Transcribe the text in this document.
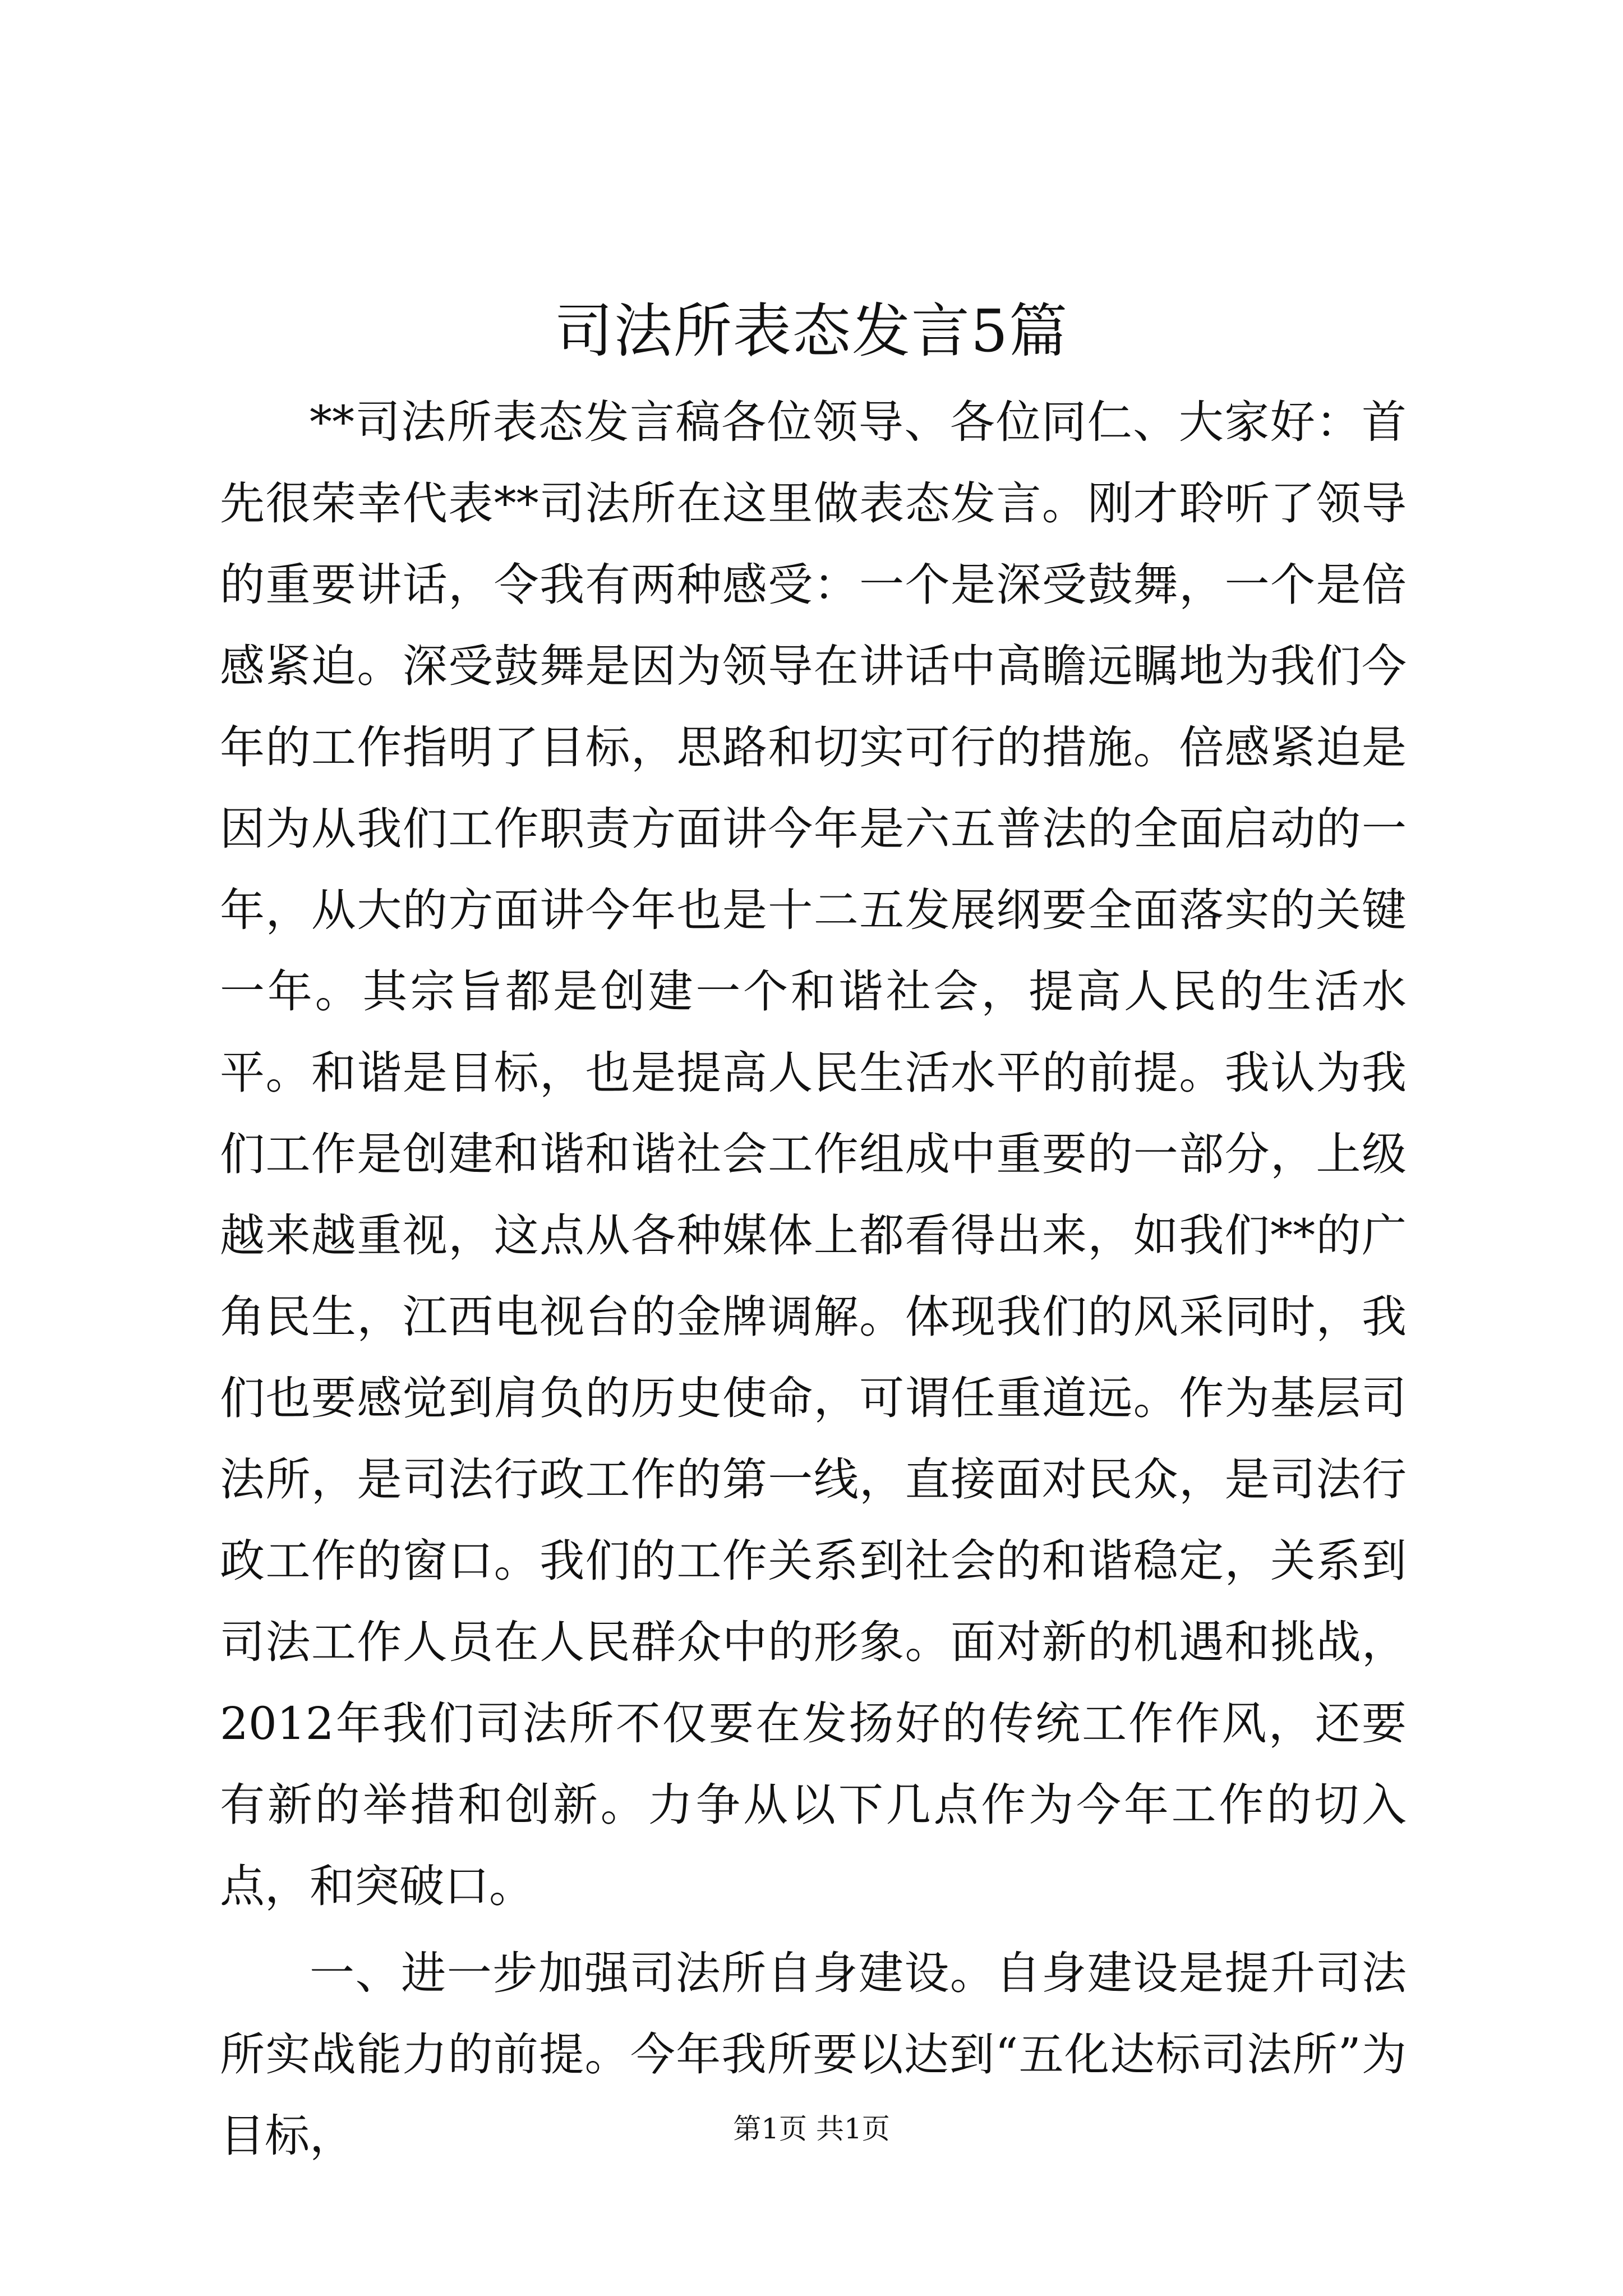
司法所表态发言5篇

**司法所表态发言稿各位领导、各位同仁、大家好：首先很荣幸代表**司法所在这里做表态发言。刚才聆听了领导的重要讲话，令我有两种感受：一个是深受鼓舞，一个是倍感紧迫。深受鼓舞是因为领导在讲话中高瞻远瞩地为我们今年的工作指明了目标，思路和切实可行的措施。倍感紧迫是因为从我们工作职责方面讲今年是六五普法的全面启动的一年，从大的方面讲今年也是十二五发展纲要全面落实的关键一年。其宗旨都是创建一个和谐社会，提高人民的生活水平。和谐是目标，也是提高人民生活水平的前提。我认为我们工作是创建和谐和谐社会工作组成中重要的一部分，上级越来越重视，这点从各种媒体上都看得出来，如我们**的广角民生，江西电视台的金牌调解。体现我们的风采同时，我们也要感觉到肩负的历史使命，可谓任重道远。作为基层司法所，是司法行政工作的第一线，直接面对民众，是司法行政工作的窗口。我们的工作关系到社会的和谐稳定，关系到司法工作人员在人民群众中的形象。面对新的机遇和挑战，2012年我们司法所不仅要在发扬好的传统工作作风，还要有新的举措和创新。力争从以下几点作为今年工作的切入点，和突破口。

一、进一步加强司法所自身建设。自身建设是提升司法所实战能力的前提。今年我所要以达到“五化达标司法所”为目标，	第1页 共1页
